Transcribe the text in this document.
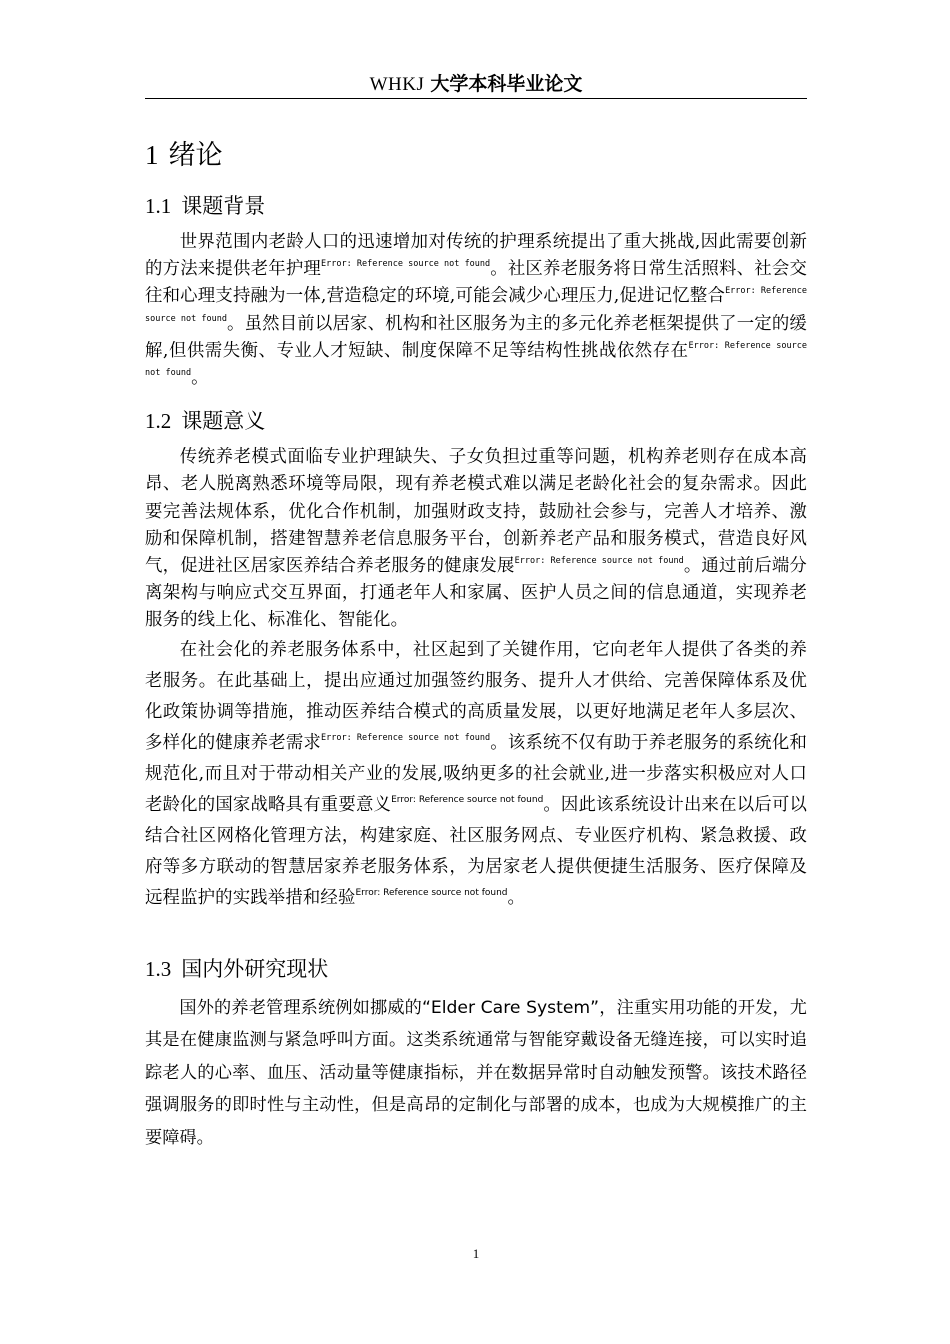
WHKJ 大学本科毕业论文
1 绪论
1.1 课题背景

世界范围内老龄人口的迅速增加对传统的护理系统提出了重大挑战,因此需要创新的方法来提供老年护理$^{Error: Reference source not found}$。社区养老服务将日常生活照料、社会交往和心理支持融为一体,营造稳定的环境,可能会减少心理压力,促进记忆整合$^{Error: Reference source not found}$。虽然目前以居家、机构和社区服务为主的多元化养老框架提供了一定的缓解,但供需失衡、专业人才短缺、制度保障不足等结构性挑战依然存在$^{Error: Reference source not found}$。

1.2 课题意义

传统养老模式面临专业护理缺失、子女负担过重等问题，机构养老则存在成本高昂、老人脱离熟悉环境等局限，现有养老模式难以满足老龄化社会的复杂需求。因此要完善法规体系，优化合作机制，加强财政支持，鼓励社会参与，完善人才培养、激励和保障机制，搭建智慧养老信息服务平台，创新养老产品和服务模式，营造良好风气，促进社区居家医养结合养老服务的健康发展$^{Error: Reference source not found}$。通过前后端分离架构与响应式交互界面，打通老年人和家属、医护人员之间的信息通道，实现养老服务的线上化、标准化、智能化。

在社会化的养老服务体系中，社区起到了关键作用，它向老年人提供了各类的养老服务。在此基础上，提出应通过加强签约服务、提升人才供给、完善保障体系及优化政策协调等措施，推动医养结合模式的高质量发展，以更好地满足老年人多层次、多样化的健康养老需求$^{Error: Reference source not found}$。该系统不仅有助于养老服务的系统化和规范化,而且对于带动相关产业的发展,吸纳更多的社会就业,进一步落实积极应对人口老龄化的国家战略具有重要意义$^{Error: Reference source not found}$。因此该系统设计出来在以后可以结合社区网格化管理方法，构建家庭、社区服务网点、专业医疗机构、紧急救援、政府等多方联动的智慧居家养老服务体系，为居家老人提供便捷生活服务、医疗保障及远程监护的实践举措和经验$^{Error: Reference source not found}$。

1.3 国内外研究现状

国外的养老管理系统例如挪威的“Elder Care System”，注重实用功能的开发，尤其是在健康监测与紧急呼叫方面。这类系统通常与智能穿戴设备无缝连接，可以实时追踪老人的心率、血压、活动量等健康指标，并在数据异常时自动触发预警。该技术路径强调服务的即时性与主动性，但是高昂的定制化与部署的成本，也成为大规模推广的主要障碍。

1
